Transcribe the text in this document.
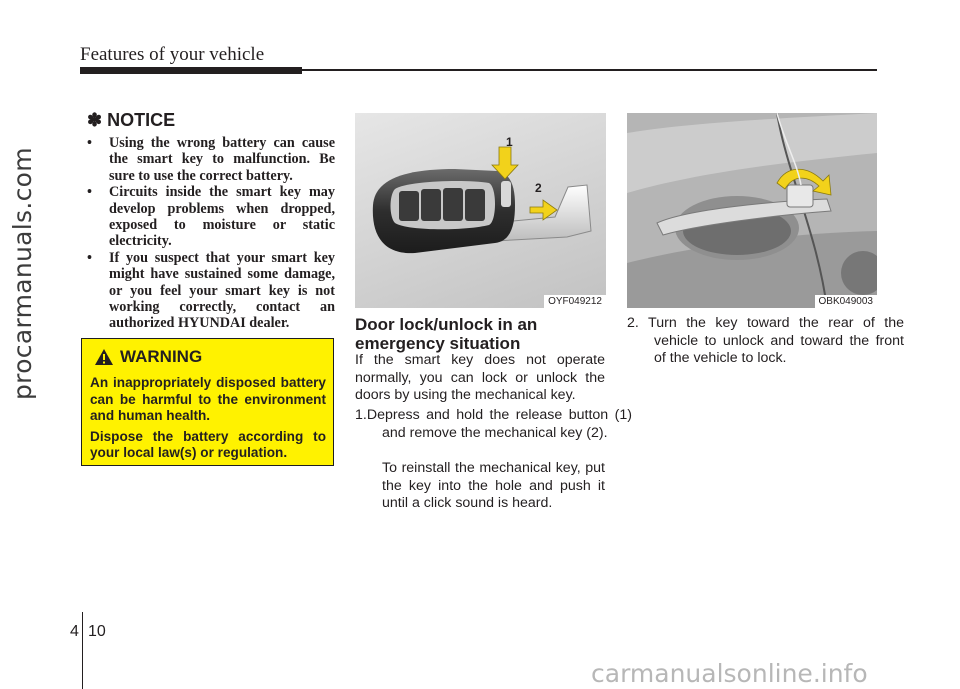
Features of your vehicle
procarmanuals.com
✽ NOTICE
• Using the wrong battery can cause the smart key to malfunction. Be sure to use the correct battery.
• Circuits inside the smart key may develop problems when dropped, exposed to moisture or static electricity.
• If you suspect that your smart key might have sustained some damage, or you feel your smart key is not working correctly, contact an authorized HYUNDAI dealer.
WARNING

An inappropriately disposed battery can be harmful to the environment and human health.

Dispose the battery according to your local law(s) or regulation.

1
2
OYF049212	OBK049003
Door lock/unlock in an emergency situation
If the smart key does not operate normally, you can lock or unlock the doors by using the mechanical key.
1.Depress and hold the release button (1) and remove the mechanical key (2).
To reinstall the mechanical key, put the key into the hole and push it until a click sound is heard.
2. Turn the key toward the rear of the vehicle to unlock and toward the front of the vehicle to lock.
4 10
carmanualsonline.info
